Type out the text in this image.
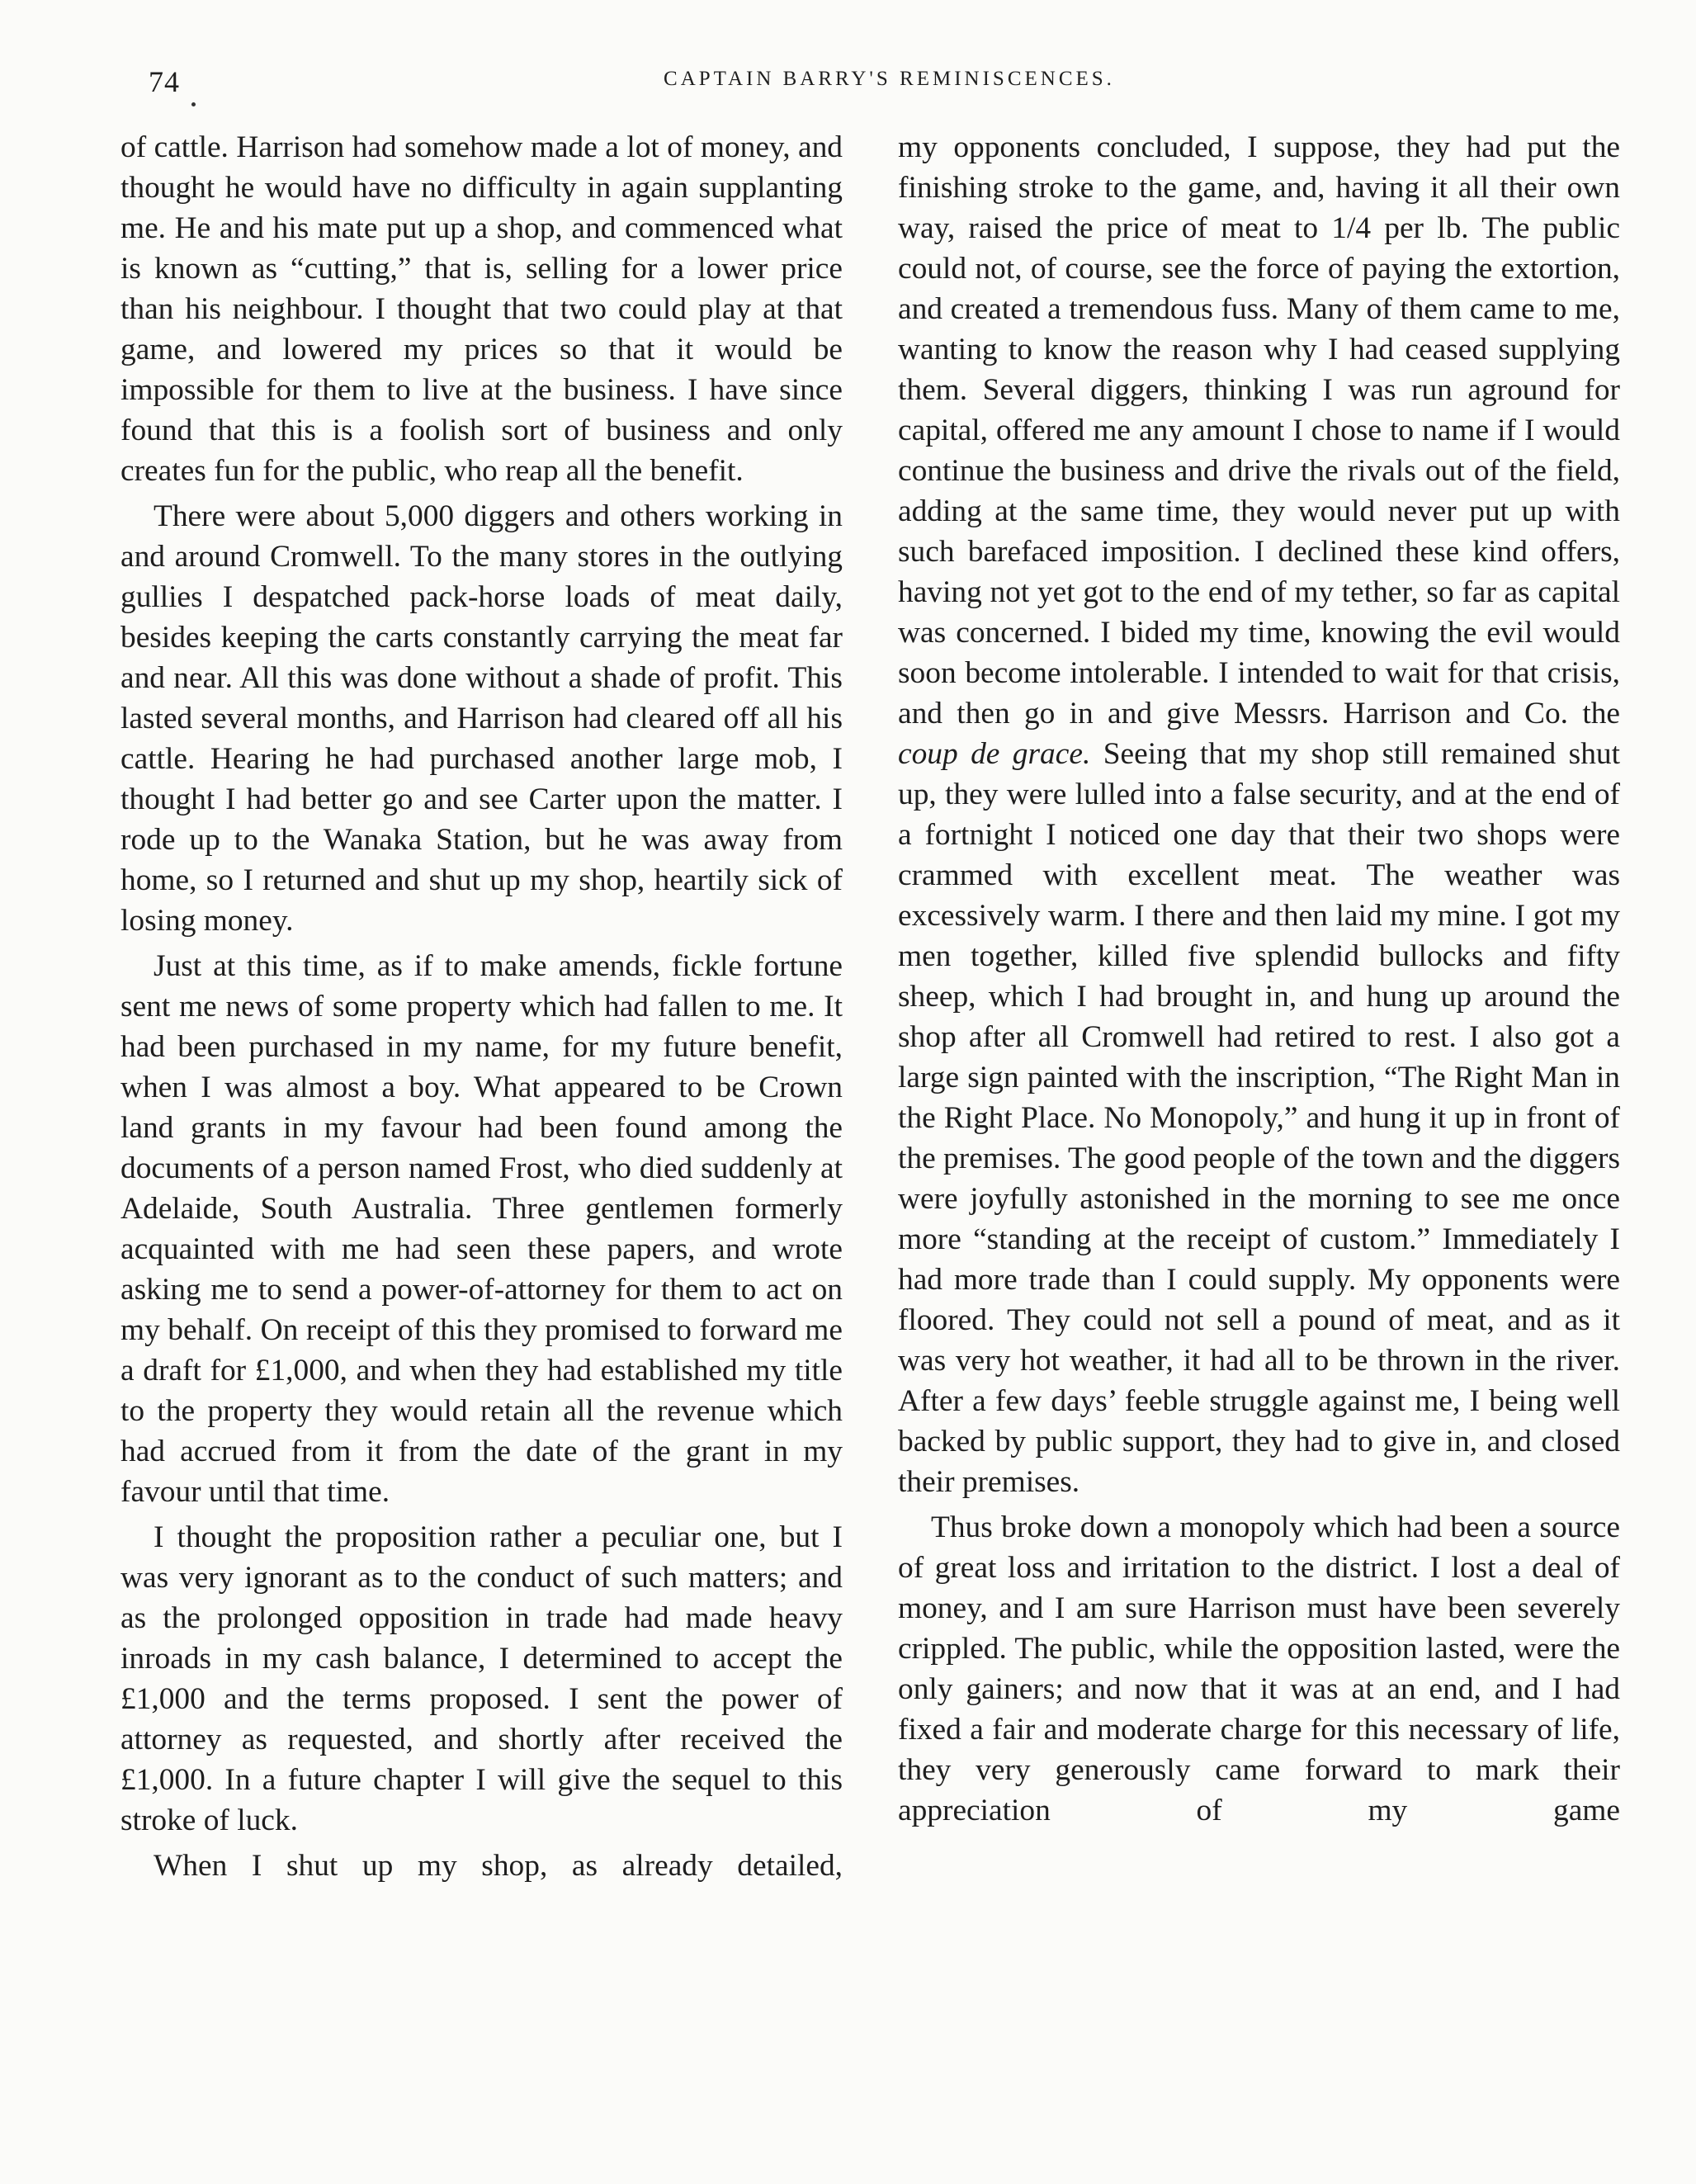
74	CAPTAIN BARRY'S REMINISCENCES.

of cattle. Harrison had somehow made a lot of money, and thought he would have no difficulty in again supplanting me. He and his mate put up a shop, and commenced what is known as “cutting,” that is, selling for a lower price than his neighbour. I thought that two could play at that game, and lowered my prices so that it would be impossible for them to live at the business. I have since found that this is a foolish sort of business and only creates fun for the public, who reap all the benefit.

There were about 5,000 diggers and others working in and around Cromwell. To the many stores in the outlying gullies I despatched pack-horse loads of meat daily, besides keeping the carts constantly carrying the meat far and near. All this was done without a shade of profit. This lasted several months, and Harrison had cleared off all his cattle. Hearing he had purchased another large mob, I thought I had better go and see Carter upon the matter. I rode up to the Wanaka Station, but he was away from home, so I returned and shut up my shop, heartily sick of losing money.

Just at this time, as if to make amends, fickle fortune sent me news of some property which had fallen to me. It had been purchased in my name, for my future benefit, when I was almost a boy. What appeared to be Crown land grants in my favour had been found among the documents of a person named Frost, who died suddenly at Adelaide, South Australia. Three gentlemen formerly acquainted with me had seen these papers, and wrote asking me to send a power-of-attorney for them to act on my behalf. On receipt of this they promised to forward me a draft for £1,000, and when they had established my title to the property they would retain all the revenue which had accrued from it from the date of the grant in my favour until that time.

I thought the proposition rather a peculiar one, but I was very ignorant as to the conduct of such matters; and as the prolonged opposition in trade had made heavy inroads in my cash balance, I determined to accept the £1,000 and the terms proposed. I sent the power of attorney as requested, and shortly after received the £1,000. In a future chapter I will give the sequel to this stroke of luck.

When I shut up my shop, as already detailed,

my opponents concluded, I suppose, they had put the finishing stroke to the game, and, having it all their own way, raised the price of meat to 1/4 per lb. The public could not, of course, see the force of paying the extortion, and created a tremendous fuss. Many of them came to me, wanting to know the reason why I had ceased supplying them. Several diggers, thinking I was run aground for capital, offered me any amount I chose to name if I would continue the business and drive the rivals out of the field, adding at the same time, they would never put up with such barefaced imposition. I declined these kind offers, having not yet got to the end of my tether, so far as capital was concerned. I bided my time, knowing the evil would soon become intolerable. I intended to wait for that crisis, and then go in and give Messrs. Harrison and Co. the coup de grace. Seeing that my shop still remained shut up, they were lulled into a false security, and at the end of a fortnight I noticed one day that their two shops were crammed with excellent meat. The weather was excessively warm. I there and then laid my mine. I got my men together, killed five splendid bullocks and fifty sheep, which I had brought in, and hung up around the shop after all Cromwell had retired to rest. I also got a large sign painted with the inscription, “The Right Man in the Right Place. No Monopoly,” and hung it up in front of the premises. The good people of the town and the diggers were joyfully astonished in the morning to see me once more “standing at the receipt of custom.” Immediately I had more trade than I could supply. My opponents were floored. They could not sell a pound of meat, and as it was very hot weather, it had all to be thrown in the river. After a few days’ feeble struggle against me, I being well backed by public support, they had to give in, and closed their premises.

Thus broke down a monopoly which had been a source of great loss and irritation to the district. I lost a deal of money, and I am sure Harrison must have been severely crippled. The public, while the opposition lasted, were the only gainers; and now that it was at an end, and I had fixed a fair and moderate charge for this necessary of life, they very generously came forward to mark their appreciation of my game
